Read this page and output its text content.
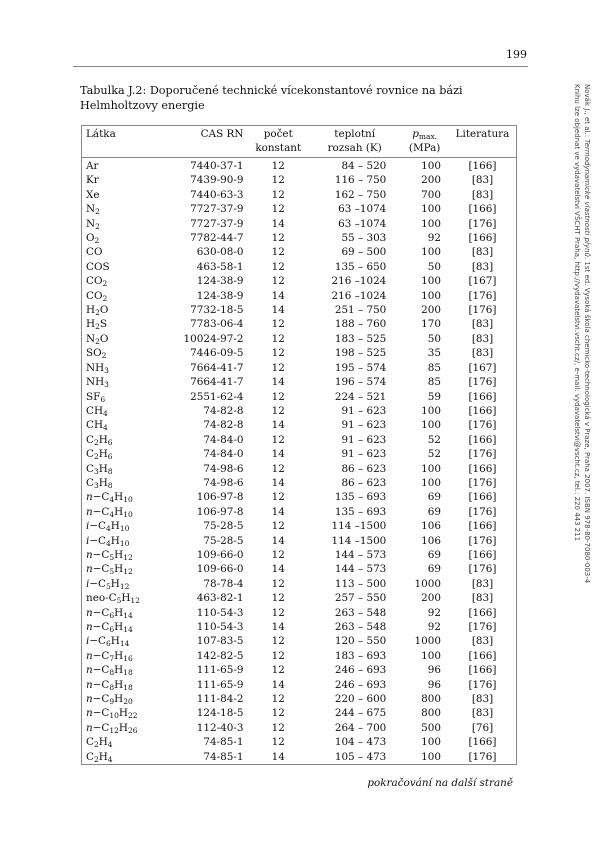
199
Tabulka J.2: Doporučené technické vícekonstantové rovnice na bázi
Helmholtzovy energie
Látka	CAS RN	počet	teplotní	$p_{max.}$	Literatura
		konstant	rozsah (K)	(MPa)	
Ar	7440-37-1	12	84 – 520	100	[166]
Kr	7439-90-9	12	116 – 750	200	[83]
Xe	7440-63-3	12	162 – 750	700	[83]
$N_2$	7727-37-9	12	63 –1074	100	[166]
$N_2$	7727-37-9	14	63 –1074	100	[176]
$O_2$	7782-44-7	12	55 – 303	92	[166]
CO	630-08-0	12	69 – 500	100	[83]
COS	463-58-1	12	135 – 650	50	[83]
$CO_2$	124-38-9	12	216 –1024	100	[167]
$CO_2$	124-38-9	14	216 –1024	100	[176]
$H_2O$	7732-18-5	14	251 – 750	200	[176]
$H_2S$	7783-06-4	12	188 – 760	170	[83]
$N_2O$	10024-97-2	12	183 – 525	50	[83]
$SO_2$	7446-09-5	12	198 – 525	35	[83]
$NH_3$	7664-41-7	12	195 – 574	85	[167]
$NH_3$	7664-41-7	14	196 – 574	85	[176]
$SF_6$	2551-62-4	12	224 – 521	59	[166]
$CH_4$	74-82-8	12	91 – 623	100	[166]
$CH_4$	74-82-8	14	91 – 623	100	[176]
$C_2H_6$	74-84-0	12	91 – 623	52	[166]
$C_2H_6$	74-84-0	14	91 – 623	52	[176]
$C_3H_8$	74-98-6	12	86 – 623	100	[166]
$C_3H_8$	74-98-6	14	86 – 623	100	[176]
$n-C_4H_{10}$	106-97-8	12	135 – 693	69	[166]
$n-C_4H_{10}$	106-97-8	14	135 – 693	69	[176]
$i-C_4H_{10}$	75-28-5	12	114 –1500	106	[166]
$i-C_4H_{10}$	75-28-5	14	114 –1500	106	[176]
$n-C_5H_{12}$	109-66-0	12	144 – 573	69	[166]
$n-C_5H_{12}$	109-66-0	14	144 – 573	69	[176]
$i-C_5H_{12}$	78-78-4	12	113 – 500	1000	[83]
neo-$C_5H_{12}$	463-82-1	12	257 – 550	200	[83]
$n-C_6H_{14}$	110-54-3	12	263 – 548	92	[166]
$n-C_6H_{14}$	110-54-3	14	263 – 548	92	[176]
$i-C_6H_{14}$	107-83-5	12	120 – 550	1000	[83]
$n-C_7H_{16}$	142-82-5	12	183 – 693	100	[166]
$n-C_8H_{18}$	111-65-9	12	246 – 693	96	[166]
$n-C_8H_{18}$	111-65-9	14	246 – 693	96	[176]
$n-C_9H_{20}$	111-84-2	12	220 – 600	800	[83]
$n-C_{10}H_{22}$	124-18-5	12	244 – 675	800	[83]
$n-C_{12}H_{26}$	112-40-3	12	264 – 700	500	[76]
$C_2H_4$	74-85-1	12	104 – 473	100	[166]
$C_2H_4$	74-85-1	14	105 – 473	100	[176]
pokračování na další straně
Novák J., et al.: Termodynamické vlastnosti plynů. 1st ed. Vysoká škola chemicko-technologická v Praze, Praha 2007. ISBN 978-80-7080-003-4
Knihu lze objednat ve vydavatelství VŠCHT Praha, http://vydavatelstvi.vscht.cz/, e-mail: vydavatelstvi@vscht.cz, tel.: 220 443 211
